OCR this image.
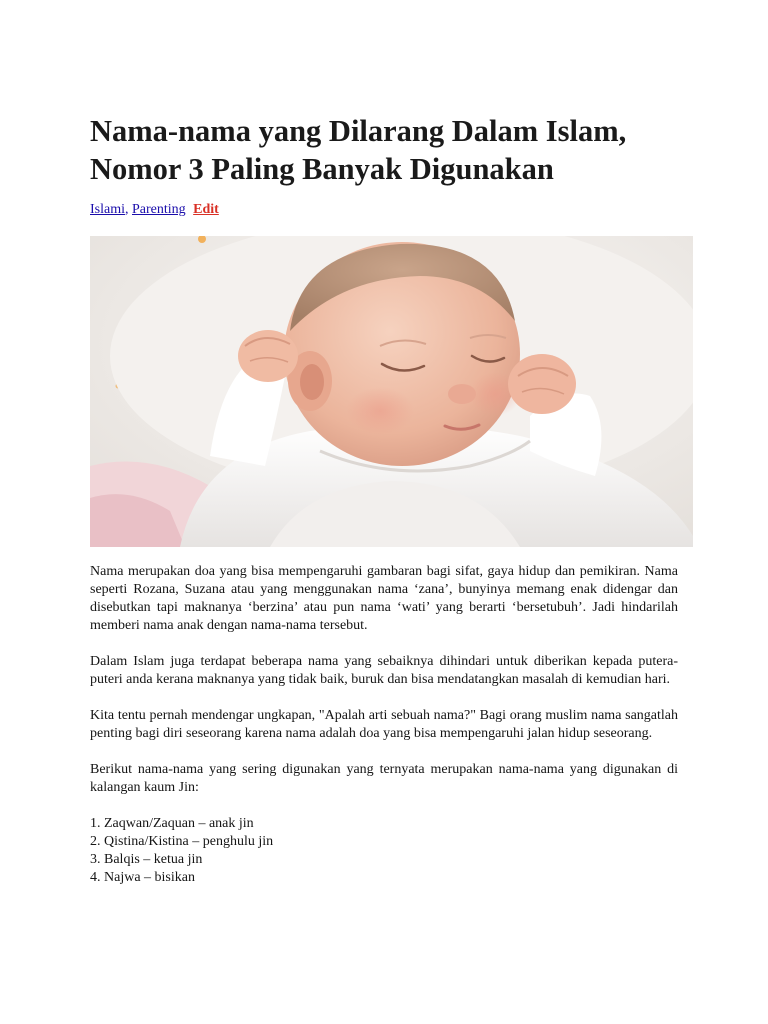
Nama-nama yang Dilarang Dalam Islam, Nomor 3 Paling Banyak Digunakan
Islami, Parenting Edit

Nama merupakan doa yang bisa mempengaruhi gambaran bagi sifat, gaya hidup dan pemikiran. Nama seperti Rozana, Suzana atau yang menggunakan nama ‘zana’, bunyinya memang enak didengar dan disebutkan tapi maknanya ‘berzina’ atau pun nama ‘wati’ yang berarti ‘bersetubuh’. Jadi hindarilah memberi nama anak dengan nama-nama tersebut.

Dalam Islam juga terdapat beberapa nama yang sebaiknya dihindari untuk diberikan kepada putera-puteri anda kerana maknanya yang tidak baik, buruk dan bisa mendatangkan masalah di kemudian hari.

Kita tentu pernah mendengar ungkapan, "Apalah arti sebuah nama?" Bagi orang muslim nama sangatlah penting bagi diri seseorang karena nama adalah doa yang bisa mempengaruhi jalan hidup seseorang.

Berikut nama-nama yang sering digunakan yang ternyata merupakan nama-nama yang digunakan di kalangan kaum Jin:

1. Zaqwan/Zaquan – anak jin
2. Qistina/Kistina – penghulu jin
3. Balqis – ketua jin
4. Najwa – bisikan
